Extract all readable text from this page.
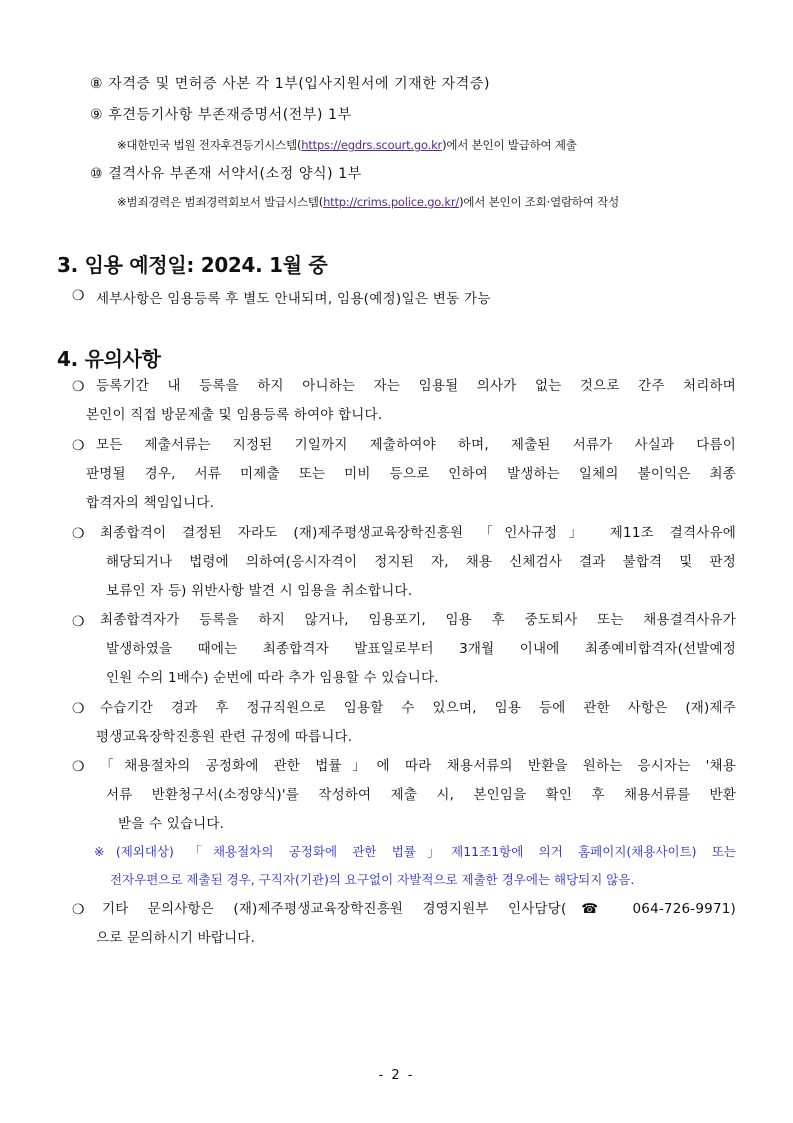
⑧ 자격증 및 면허증 사본 각 1부(입사지원서에 기재한 자격증)
⑨ 후견등기사항 부존재증명서(전부) 1부
※대한민국 법원 전자후견등기시스템(https://egdrs.scourt.go.kr)에서 본인이 발급하여 제출
⑩ 결격사유 부존재 서약서(소정 양식) 1부
※범죄경력은 범죄경력회보서 발급시스템(http://crims.police.go.kr/)에서 본인이 조회·열람하여 작성
3. 임용 예정일: 2024. 1월 중
❍ 세부사항은 임용등록 후 별도 안내되며, 임용(예정)일은 변동 가능
4. 유의사항
❍ 등록기간 내 등록을 하지 아니하는 자는 임용될 의사가 없는 것으로 간주 처리하며
본인이 직접 방문제출 및 임용등록 하여야 합니다.
❍ 모든 제출서류는 지정된 기일까지 제출하여야 하며, 제출된 서류가 사실과 다름이
판명될 경우, 서류 미제출 또는 미비 등으로 인하여 발생하는 일체의 불이익은 최종
합격자의 책임입니다.
❍ 최종합격이 결정된 자라도 (재)제주평생교육장학진흥원 「인사규정」 제11조 결격사유에
해당되거나 법령에 의하여(응시자격이 정지된 자, 채용 신체검사 결과 불합격 및 판정
보류인 자 등) 위반사항 발견 시 임용을 취소합니다.
❍ 최종합격자가 등록을 하지 않거나, 임용포기, 임용 후 중도퇴사 또는 채용결격사유가
발생하였을 때에는 최종합격자 발표일로부터 3개월 이내에 최종예비합격자(선발예정
인원 수의 1배수) 순번에 따라 추가 임용할 수 있습니다.
❍ 수습기간 경과 후 정규직원으로 임용할 수 있으며, 임용 등에 관한 사항은 (재)제주
평생교육장학진흥원 관련 규정에 따릅니다.
❍ 「채용절차의 공정화에 관한 법률」에 따라 채용서류의 반환을 원하는 응시자는 '채용
서류 반환청구서(소정양식)'를 작성하여 제출 시, 본인임을 확인 후 채용서류를 반환
받을 수 있습니다.
※(제외대상) 「채용절차의 공정화에 관한 법률」제11조1항에 의거 홈페이지(채용사이트) 또는
전자우편으로 제출된 경우, 구직자(기관)의 요구없이 자발적으로 제출한 경우에는 해당되지 않음.
❍ 기타 문의사항은 (재)제주평생교육장학진흥원 경영지원부 인사담당(☎ 064-726-9971)
으로 문의하시기 바랍니다.
- 2 -
